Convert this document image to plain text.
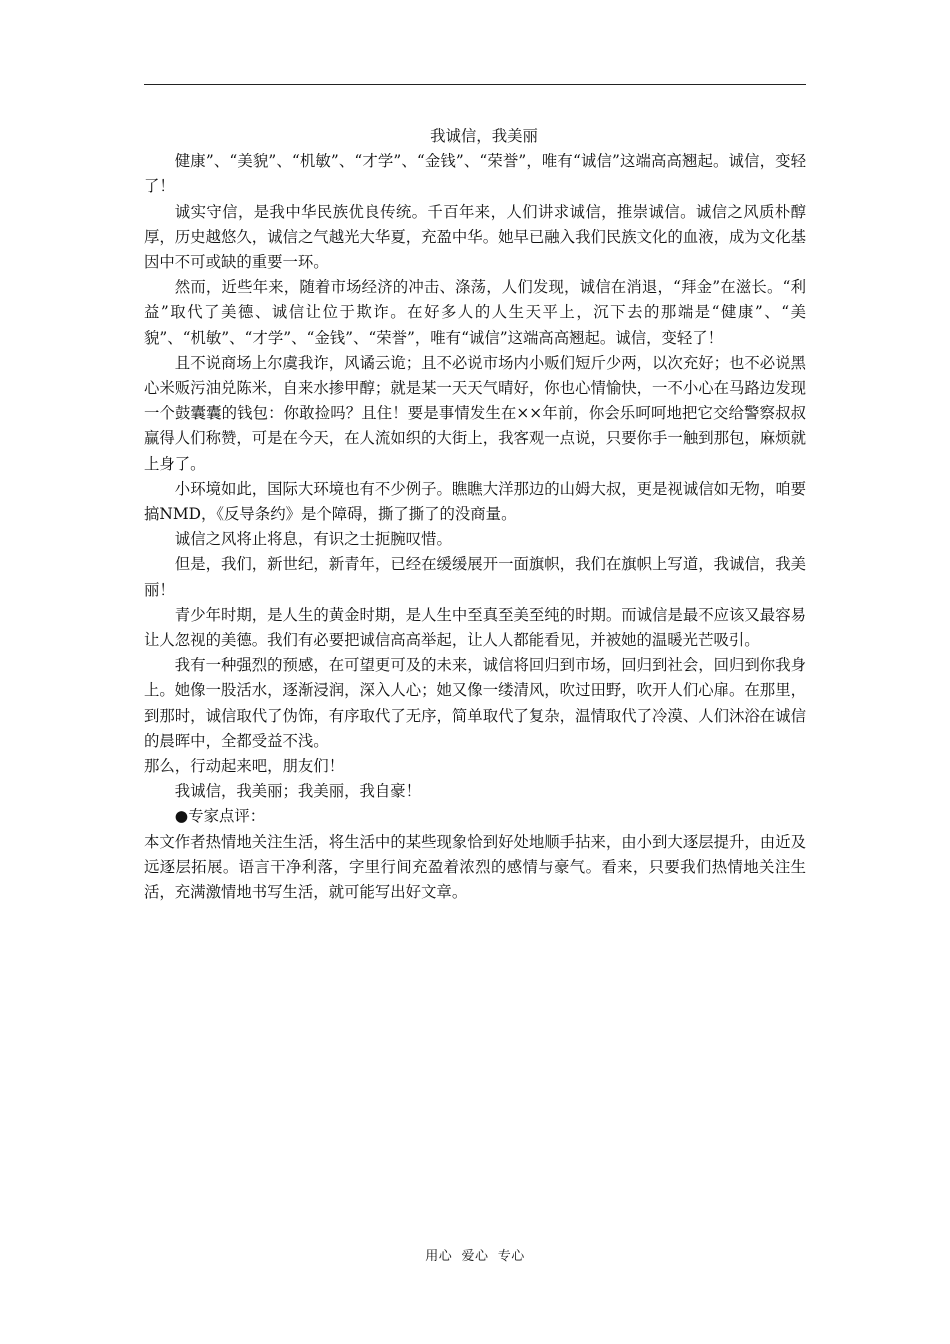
我诚信，我美丽

健康”、“美貌”、“机敏”、“才学”、“金钱”、“荣誉”，唯有“诚信”这端高高翘起。诚信，变轻了！

诚实守信，是我中华民族优良传统。千百年来，人们讲求诚信，推崇诚信。诚信之风质朴醇厚，历史越悠久，诚信之气越光大华夏，充盈中华。她早已融入我们民族文化的血液，成为文化基因中不可或缺的重要一环。

然而，近些年来，随着市场经济的冲击、涤荡，人们发现，诚信在消退，“拜金”在滋长。“利益”取代了美德、诚信让位于欺诈。在好多人的人生天平上，沉下去的那端是“健康”、“美貌”、“机敏”、“才学”、“金钱”、“荣誉”，唯有“诚信”这端高高翘起。诚信，变轻了！

且不说商场上尔虞我诈，风谲云诡；且不必说市场内小贩们短斤少两，以次充好；也不必说黑心米贩污油兑陈米，自来水掺甲醇；就是某一天天气晴好，你也心情愉快，一不小心在马路边发现一个鼓囊囊的钱包：你敢捡吗？且住！要是事情发生在××年前，你会乐呵呵地把它交给警察叔叔赢得人们称赞，可是在今天，在人流如织的大街上，我客观一点说，只要你手一触到那包，麻烦就上身了。

小环境如此，国际大环境也有不少例子。瞧瞧大洋那边的山姆大叔，更是视诚信如无物，咱要搞NMD，《反导条约》是个障碍，撕了撕了的没商量。

诚信之风将止将息，有识之士扼腕叹惜。

但是，我们，新世纪，新青年，已经在缓缓展开一面旗帜，我们在旗帜上写道，我诚信，我美丽！

青少年时期，是人生的黄金时期，是人生中至真至美至纯的时期。而诚信是最不应该又最容易让人忽视的美德。我们有必要把诚信高高举起，让人人都能看见，并被她的温暖光芒吸引。

我有一种强烈的预感，在可望更可及的未来，诚信将回归到市场，回归到社会，回归到你我身上。她像一股活水，逐渐浸润，深入人心；她又像一缕清风，吹过田野，吹开人们心扉。在那里，到那时，诚信取代了伪饰，有序取代了无序，简单取代了复杂，温情取代了冷漠、人们沐浴在诚信的晨晖中，全都受益不浅。

那么，行动起来吧，朋友们！

我诚信，我美丽；我美丽，我自豪！

●专家点评：

本文作者热情地关注生活，将生活中的某些现象恰到好处地顺手拈来，由小到大逐层提升，由近及远逐层拓展。语言干净利落，字里行间充盈着浓烈的感情与豪气。看来，只要我们热情地关注生活，充满激情地书写生活，就可能写出好文章。

用心  爱心  专心
